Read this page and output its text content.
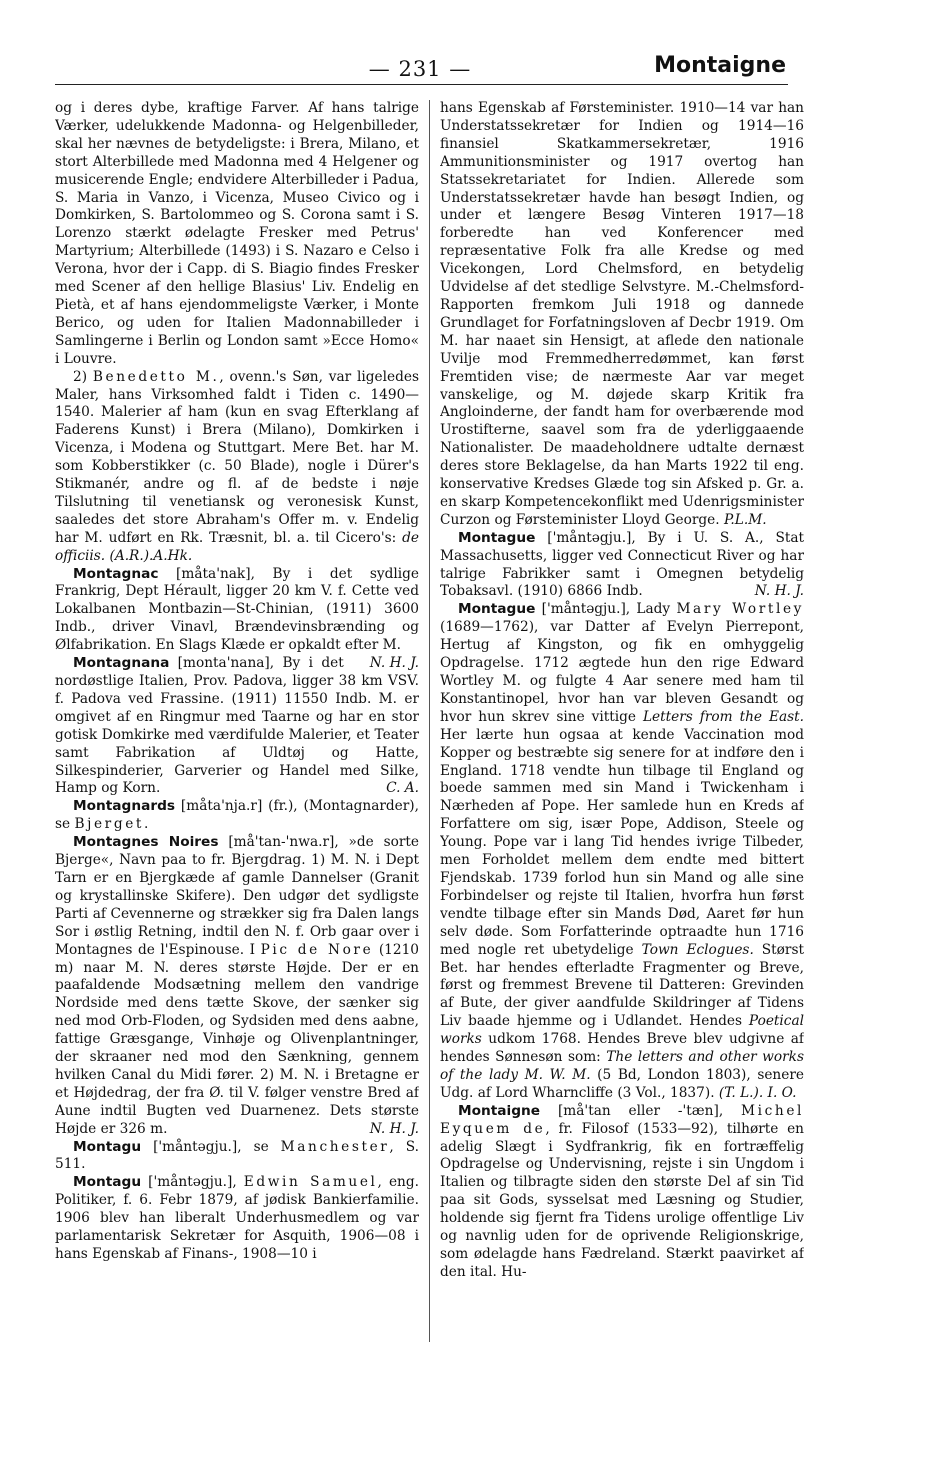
— 231 —	Montaigne

og i deres dybe, kraftige Farver. Af hans talrige Værker, udelukkende Madonna- og Helgenbilleder, skal her nævnes de betydeligste: i Brera, Milano, et stort Alterbillede med Madonna med 4 Helgener og musicerende Engle; endvidere Alterbilleder i Padua, S. Maria in Vanzo, i Vicenza, Museo Civico og i Domkirken, S. Bartolommeo og S. Corona samt i S. Lorenzo stærkt ødelagte Fresker med Petrus' Martyrium; Alterbillede (1493) i S. Nazaro e Celso i Verona, hvor der i Capp. di S. Biagio findes Fresker med Scener af den hellige Blasius' Liv. Endelig en Pietà, et af hans ejendommeligste Værker, i Monte Berico, og uden for Italien Madonnabilleder i Samlingerne i Berlin og London samt »Ecce Homo« i Louvre.

2) Benedetto M., ovenn.'s Søn, var ligeledes Maler, hans Virksomhed faldt i Tiden c. 1490—1540. Malerier af ham (kun en svag Efterklang af Faderens Kunst) i Brera (Milano), Domkirken i Vicenza, i Modena og Stuttgart. Mere Bet. har M. som Kobberstikker (c. 50 Blade), nogle i Dürer's Stikmanér, andre og fl. af de bedste i nøje Tilslutning til venetiansk og veronesisk Kunst, saaledes det store Abraham's Offer m. v. Endelig har M. udført en Rk. Træsnit, bl. a. til Cicero's: de officiis. (A.R.).A.Hk.

Montagnac [måta'nak], By i det sydlige Frankrig, Dept Hérault, ligger 20 km V. f. Cette ved Lokalbanen Montbazin—St-Chinian, (1911) 3600 Indb., driver Vinavl, Brændevinsbrænding og Ølfabrikation. En Slags Klæde er opkaldt efter M.
N. H. J.

Montagnana [monta'nana], By i det nordøstlige Italien, Prov. Padova, ligger 38 km VSV. f. Padova ved Frassine. (1911) 11550 Indb. M. er omgivet af en Ringmur med Taarne og har en stor gotisk Domkirke med værdifulde Malerier, et Teater samt Fabrikation af Uldtøj og Hatte, Silkespinderier, Garverier og Handel med Silke, Hamp og Korn.	C. A.

Montagnards [måta'nja.r] (fr.), (Montagnarder), se Bjerget.

Montagnes Noires [må'tan-'nwa.r], »de sorte Bjerge«, Navn paa to fr. Bjergdrag. 1) M. N. i Dept Tarn er en Bjergkæde af gamle Dannelser (Granit og krystallinske Skifere). Den udgør det sydligste Parti af Cevennerne og strækker sig fra Dalen langs Sor i østlig Retning, indtil den N. f. Orb gaar over i Montagnes de l'Espinouse. I Pic de Nore (1210 m) naar M. N. deres største Højde. Der er en paafaldende Modsætning mellem den vandrige Nordside med dens tætte Skove, der sænker sig ned mod Orb-Floden, og Sydsiden med dens aabne, fattige Græsgange, Vinhøje og Olivenplantninger, der skraaner ned mod den Sænkning, gennem hvilken Canal du Midi fører. 2) M. N. i Bretagne er et Højdedrag, der fra Ø. til V. følger venstre Bred af Aune indtil Bugten ved Duarnenez. Dets største Højde er 326 m.	N. H. J.

Montagu ['måntəgju.], se Manchester, S. 511.

Montagu ['måntəgju.], Edwin Samuel, eng. Politiker, f. 6. Febr 1879, af jødisk Bankierfamilie. 1906 blev han liberalt Underhusmedlem og var parlamentarisk Sekretær for Asquith, 1906—08 i hans Egenskab af Finans-, 1908—10 i

hans Egenskab af Førsteminister. 1910—14 var han Understatssekretær for Indien og 1914—16 finansiel Skatkammersekretær, 1916 Ammunitionsminister og 1917 overtog han Statssekretariatet for Indien. Allerede som Understatssekretær havde han besøgt Indien, og under et længere Besøg Vinteren 1917—18 forberedte han ved Konferencer med repræsentative Folk fra alle Kredse og med Vicekongen, Lord Chelmsford, en betydelig Udvidelse af det stedlige Selvstyre. M.-Chelmsford-Rapporten fremkom Juli 1918 og dannede Grundlaget for Forfatningsloven af Decbr 1919. Om M. har naaet sin Hensigt, at aflede den nationale Uvilje mod Fremmedherredømmet, kan først Fremtiden vise; de nærmeste Aar var meget vanskelige, og M. døjede skarp Kritik fra Angloinderne, der fandt ham for overbærende mod Urostifterne, saavel som fra de yderliggaaende Nationalister. De maadeholdnere udtalte dernæst deres store Beklagelse, da han Marts 1922 til eng. konservative Kredses Glæde tog sin Afsked p. Gr. a. en skarp Kompetencekonflikt med Udenrigsminister Curzon og Førsteminister Lloyd George. P.L.M.

Montague ['måntəgju.], By i U. S. A., Stat Massachusetts, ligger ved Connecticut River og har talrige Fabrikker samt i Omegnen betydelig Tobaksavl. (1910) 6866 Indb.	N. H. J.

Montague ['måntəgju.], Lady Mary Wortley (1689—1762), var Datter af Evelyn Pierrepont, Hertug af Kingston, og fik en omhyggelig Opdragelse. 1712 ægtede hun den rige Edward Wortley M. og fulgte 4 Aar senere med ham til Konstantinopel, hvor han var bleven Gesandt og hvor hun skrev sine vittige Letters from the East. Her lærte hun ogsaa at kende Vaccination mod Kopper og bestræbte sig senere for at indføre den i England. 1718 vendte hun tilbage til England og boede sammen med sin Mand i Twickenham i Nærheden af Pope. Her samlede hun en Kreds af Forfattere om sig, især Pope, Addison, Steele og Young. Pope var i lang Tid hendes ivrige Tilbeder, men Forholdet mellem dem endte med bittert Fjendskab. 1739 forlod hun sin Mand og alle sine Forbindelser og rejste til Italien, hvorfra hun først vendte tilbage efter sin Mands Død, Aaret før hun selv døde. Som Forfatterinde optraadte hun 1716 med nogle ret ubetydelige Town Eclogues. Størst Bet. har hendes efterladte Fragmenter og Breve, først og fremmest Brevene til Datteren: Grevinden af Bute, der giver aandfulde Skildringer af Tidens Liv baade hjemme og i Udlandet. Hendes Poetical works udkom 1768. Hendes Breve blev udgivne af hendes Sønnesøn som: The letters and other works of the lady M. W. M. (5 Bd, London 1803), senere Udg. af Lord Wharncliffe (3 Vol., 1837). (T. L.). I. O.

Montaigne [må'tan eller -'tæn], Michel Eyquem de, fr. Filosof (1533—92), tilhørte en adelig Slægt i Sydfrankrig, fik en fortræffelig Opdragelse og Undervisning, rejste i sin Ungdom i Italien og tilbragte siden den største Del af sin Tid paa sit Gods, sysselsat med Læsning og Studier, holdende sig fjernt fra Tidens urolige offentlige Liv og navnlig uden for de oprivende Religionskrige, som ødelagde hans Fædreland. Stærkt paavirket af den ital. Hu-
